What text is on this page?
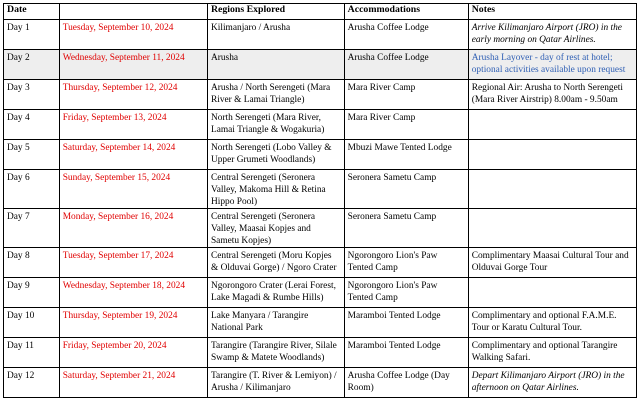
Date		Regions Explored	Accommodations	Notes
Day 1	Tuesday, September 10, 2024	Kilimanjaro / Arusha	Arusha Coffee Lodge	Arrive Kilimanjaro Airport (JRO) in the early morning on Qatar Airlines.
Day 2	Wednesday, September 11, 2024	Arusha	Arusha Coffee Lodge	Arusha Layover - day of rest at hotel; optional activities available upon request
Day 3	Thursday, September 12, 2024	Arusha / North Serengeti (Mara River & Lamai Triangle)	Mara River Camp	Regional Air: Arusha to North Serengeti (Mara River Airstrip) 8.00am - 9.50am
Day 4	Friday, September 13, 2024	North Serengeti (Mara River, Lamai Triangle & Wogakuria)	Mara River Camp	
Day 5	Saturday, September 14, 2024	North Serengeti (Lobo Valley & Upper Grumeti Woodlands)	Mbuzi Mawe Tented Lodge	
Day 6	Sunday, September 15, 2024	Central Serengeti (Seronera Valley, Makoma Hill & Retina Hippo Pool)	Seronera Sametu Camp	
Day 7	Monday, September 16, 2024	Central Serengeti (Seronera Valley, Maasai Kopjes and Sametu Kopjes)	Seronera Sametu Camp	
Day 8	Tuesday, September 17, 2024	Central Serengeti (Moru Kopjes & Olduvai Gorge) / Ngoro Crater	Ngorongoro Lion's Paw Tented Camp	Complimentary Maasai Cultural Tour and Olduvai Gorge Tour
Day 9	Wednesday, September 18, 2024	Ngorongoro Crater (Lerai Forest, Lake Magadi & Rumbe Hills)	Ngorongoro Lion's Paw Tented Camp	
Day 10	Thursday, September 19, 2024	Lake Manyara / Tarangire National Park	Maramboi Tented Lodge	Complimentary and optional F.A.M.E. Tour or Karatu Cultural Tour.
Day 11	Friday, September 20, 2024	Tarangire (Tarangire River, Silale Swamp & Matete Woodlands)	Maramboi Tented Lodge	Complimentary and optional Tarangire Walking Safari.
Day 12	Saturday, September 21, 2024	Tarangire (T. River & Lemiyon) / Arusha / Kilimanjaro	Arusha Coffee Lodge (Day Room)	Depart Kilimanjaro Airport (JRO) in the afternoon on Qatar Airlines.
